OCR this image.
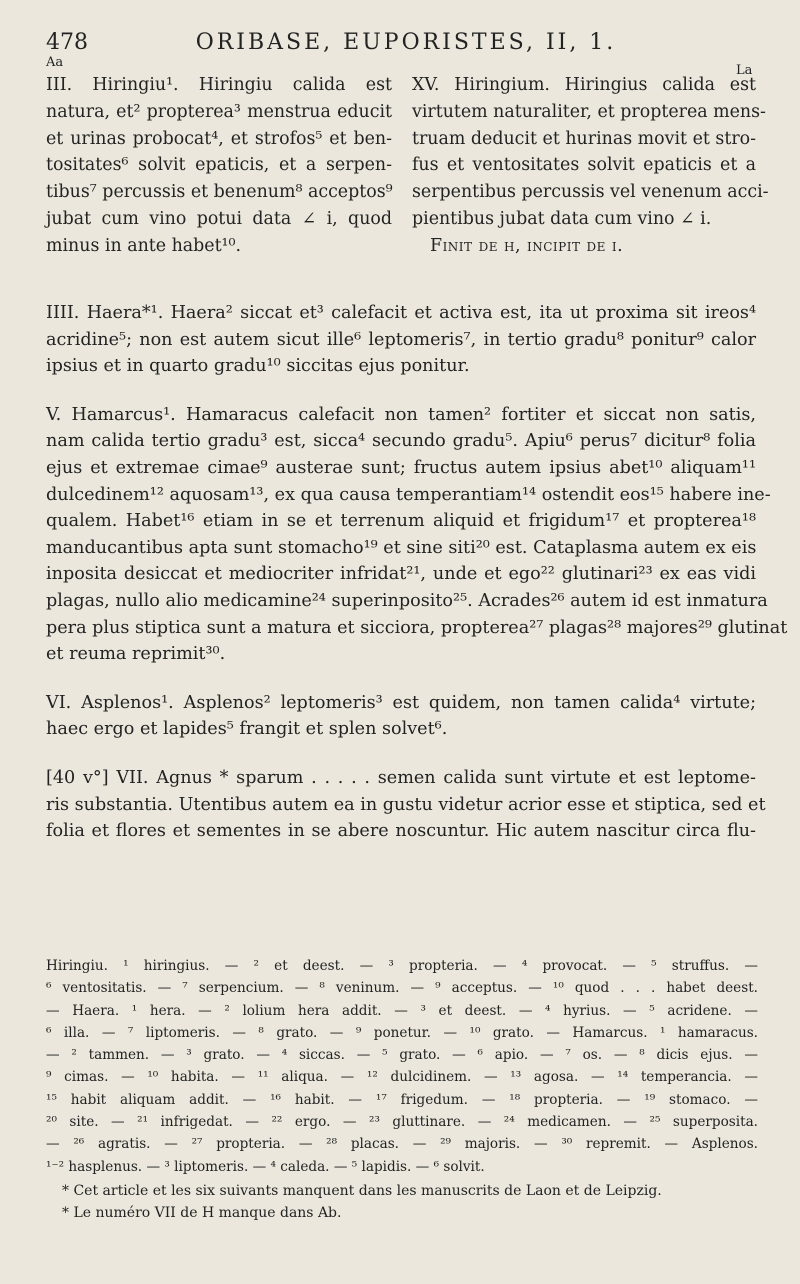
478	ORIBASE, EUPORISTES, II, 1.
Aa
La
III. Hiringiu¹. Hiringiu calida est
natura, et² propterea³ menstrua educit
et urinas probocat⁴, et strofos⁵ et ben-
tositates⁶ solvit epaticis, et a serpen-
tibus⁷ percussis et benenum⁸ acceptos⁹
jubat cum vino potui data ∠ i, quod
minus in ante habet¹⁰.
XV. Hiringium. Hiringius calida est
virtutem naturaliter, et propterea mens-
truam deducit et hurinas movit et stro-
fus et ventositates solvit epaticis et a
serpentibus percussis vel venenum acci-
pientibus jubat data cum vino ∠ i.
Finit de h, incipit de i.
IIII. Haera*¹. Haera² siccat et³ calefacit et activa est, ita ut proxima sit ireos⁴
acridine⁵; non est autem sicut ille⁶ leptomeris⁷, in tertio gradu⁸ ponitur⁹ calor
ipsius et in quarto gradu¹⁰ siccitas ejus ponitur.
V. Hamarcus¹. Hamaracus calefacit non tamen² fortiter et siccat non satis,
nam calida tertio gradu³ est, sicca⁴ secundo gradu⁵. Apiu⁶ perus⁷ dicitur⁸ folia
ejus et extremae cimae⁹ austerae sunt; fructus autem ipsius abet¹⁰ aliquam¹¹
dulcedinem¹² aquosam¹³, ex qua causa temperantiam¹⁴ ostendit eos¹⁵ habere ine-
qualem. Habet¹⁶ etiam in se et terrenum aliquid et frigidum¹⁷ et propterea¹⁸
manducantibus apta sunt stomacho¹⁹ et sine siti²⁰ est. Cataplasma autem ex eis
inposita desiccat et mediocriter infridat²¹, unde et ego²² glutinari²³ ex eas vidi
plagas, nullo alio medicamine²⁴ superinposito²⁵. Acrades²⁶ autem id est inmatura
pera plus stiptica sunt a matura et sicciora, propterea²⁷ plagas²⁸ majores²⁹ glutinat
et reuma reprimit³⁰.
VI. Asplenos¹. Asplenos² leptomeris³ est quidem, non tamen calida⁴ virtute;
haec ergo et lapides⁵ frangit et splen solvet⁶.
[40 v°] VII. Agnus * sparum . . . . . semen calida sunt virtute et est leptome-
ris substantia. Utentibus autem ea in gustu videtur acrior esse et stiptica, sed et
folia et flores et sementes in se abere noscuntur. Hic autem nascitur circa flu-
Hiringiu. ¹ hiringius. — ² et deest. — ³ propteria. — ⁴ provocat. — ⁵ struffus. —
⁶ ventositatis. — ⁷ serpencium. — ⁸ veninum. — ⁹ acceptus. — ¹⁰ quod . . . habet deest.
— Haera. ¹ hera. — ² lolium hera addit. — ³ et deest. — ⁴ hyrius. — ⁵ acridene. —
⁶ illa. — ⁷ liptomeris. — ⁸ grato. — ⁹ ponetur. — ¹⁰ grato. — Hamarcus. ¹ hamaracus.
— ² tammen. — ³ grato. — ⁴ siccas. — ⁵ grato. — ⁶ apio. — ⁷ os. — ⁸ dicis ejus. —
⁹ cimas. — ¹⁰ habita. — ¹¹ aliqua. — ¹² dulcidinem. — ¹³ agosa. — ¹⁴ temperancia. —
¹⁵ habit aliquam addit. — ¹⁶ habit. — ¹⁷ frigedum. — ¹⁸ propteria. — ¹⁹ stomaco. —
²⁰ site. — ²¹ infrigedat. — ²² ergo. — ²³ gluttinare. — ²⁴ medicamen. — ²⁵ superposita.
— ²⁶ agratis. — ²⁷ propteria. — ²⁸ placas. — ²⁹ majoris. — ³⁰ repremit. — Asplenos.
¹⁻² hasplenus. — ³ liptomeris. — ⁴ caleda. — ⁵ lapidis. — ⁶ solvit.
* Cet article et les six suivants manquent dans les manuscrits de Laon et de Leipzig.
* Le numéro VII de H manque dans Ab.
